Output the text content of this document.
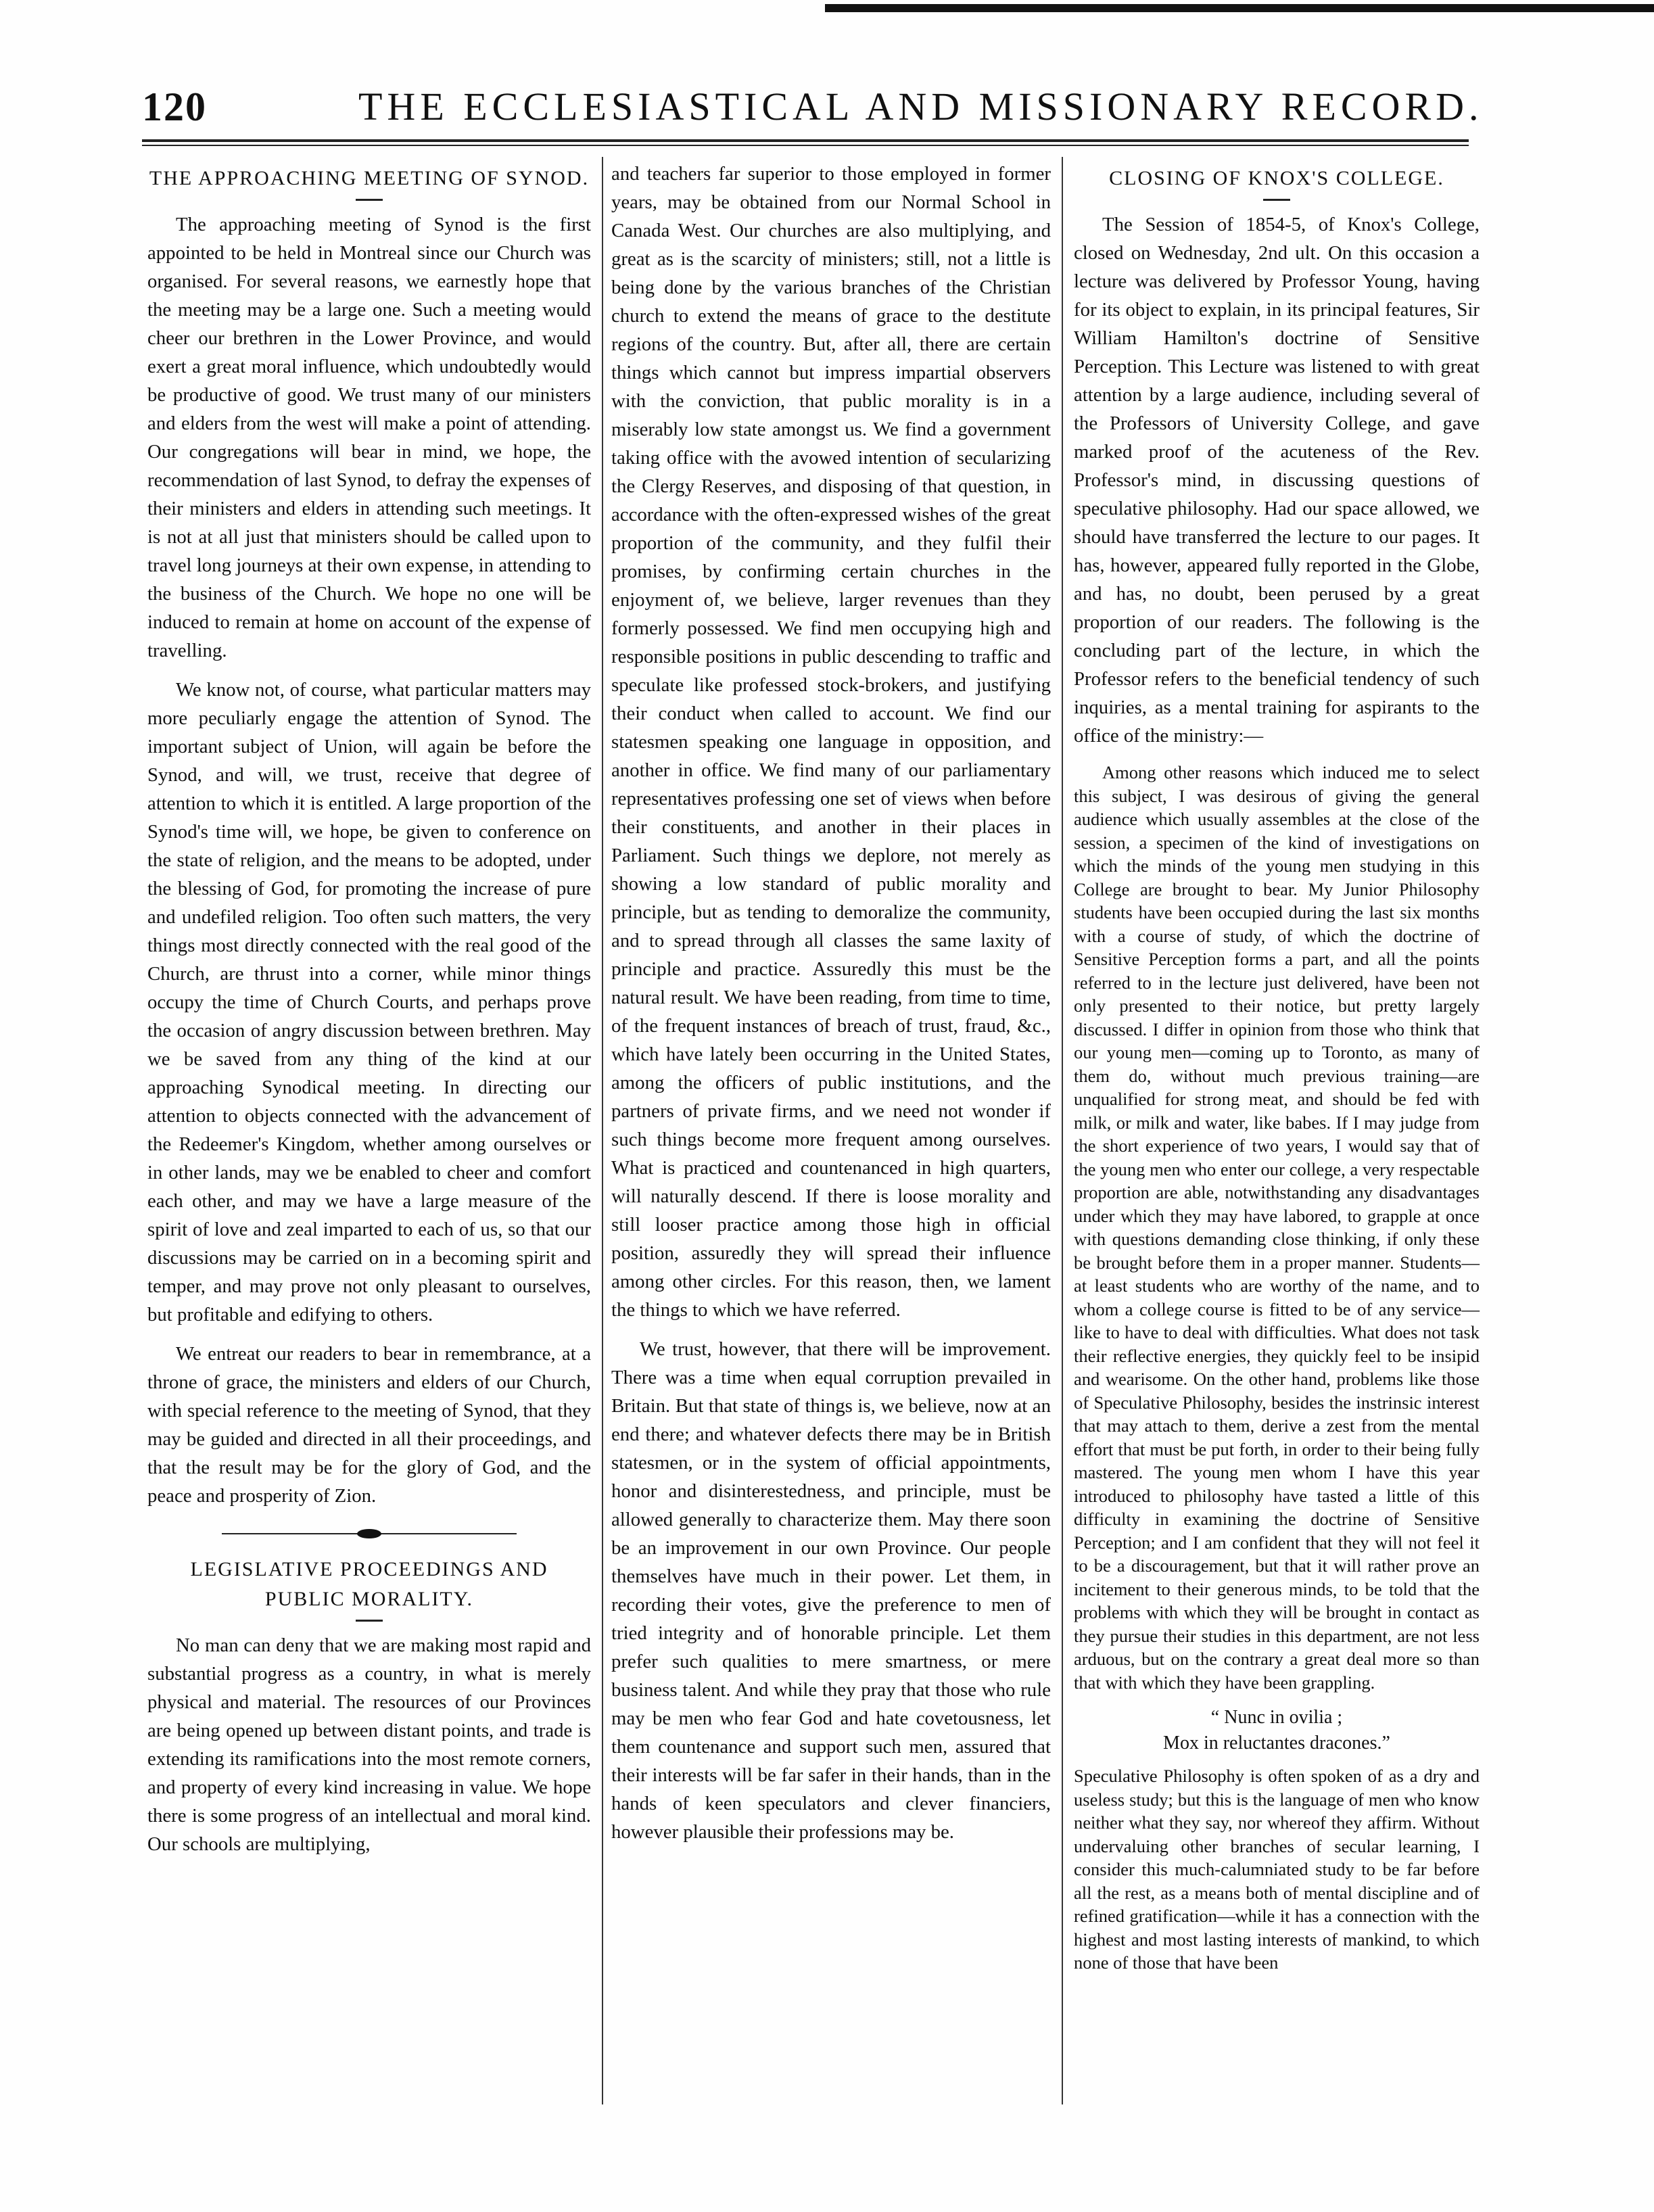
120	THE ECCLESIASTICAL AND MISSIONARY RECORD.
THE APPROACHING MEETING OF SYNOD.

The approaching meeting of Synod is the first appointed to be held in Montreal since our Church was organised. For several reasons, we earnestly hope that the meeting may be a large one. Such a meeting would cheer our brethren in the Lower Province, and would exert a great moral influence, which undoubtedly would be productive of good. We trust many of our ministers and elders from the west will make a point of attending. Our congregations will bear in mind, we hope, the recommendation of last Synod, to defray the expenses of their ministers and elders in attending such meetings. It is not at all just that ministers should be called upon to travel long journeys at their own expense, in attending to the business of the Church. We hope no one will be induced to remain at home on account of the expense of travelling.

We know not, of course, what particular matters may more peculiarly engage the attention of Synod. The important subject of Union, will again be before the Synod, and will, we trust, receive that degree of attention to which it is entitled. A large proportion of the Synod's time will, we hope, be given to conference on the state of religion, and the means to be adopted, under the blessing of God, for promoting the increase of pure and undefiled religion. Too often such matters, the very things most directly connected with the real good of the Church, are thrust into a corner, while minor things occupy the time of Church Courts, and perhaps prove the occasion of angry discussion between brethren. May we be saved from any thing of the kind at our approaching Synodical meeting. In directing our attention to objects connected with the advancement of the Redeemer's Kingdom, whether among ourselves or in other lands, may we be enabled to cheer and comfort each other, and may we have a large measure of the spirit of love and zeal imparted to each of us, so that our discussions may be carried on in a becoming spirit and temper, and may prove not only pleasant to ourselves, but profitable and edifying to others.

We entreat our readers to bear in remembrance, at a throne of grace, the ministers and elders of our Church, with special reference to the meeting of Synod, that they may be guided and directed in all their proceedings, and that the result may be for the glory of God, and the peace and prosperity of Zion.

LEGISLATIVE PROCEEDINGS AND PUBLIC MORALITY.

No man can deny that we are making most rapid and substantial progress as a country, in what is merely physical and material. The resources of our Provinces are being opened up between distant points, and trade is extending its ramifications into the most remote corners, and property of every kind increasing in value. We hope there is some progress of an intellectual and moral kind. Our schools are multiplying,

and teachers far superior to those employed in former years, may be obtained from our Normal School in Canada West. Our churches are also multiplying, and great as is the scarcity of ministers; still, not a little is being done by the various branches of the Christian church to extend the means of grace to the destitute regions of the country. But, after all, there are certain things which cannot but impress impartial observers with the conviction, that public morality is in a miserably low state amongst us. We find a government taking office with the avowed intention of secularizing the Clergy Reserves, and disposing of that question, in accordance with the often-expressed wishes of the great proportion of the community, and they fulfil their promises, by confirming certain churches in the enjoyment of, we believe, larger revenues than they formerly possessed. We find men occupying high and responsible positions in public descending to traffic and speculate like professed stock-brokers, and justifying their conduct when called to account. We find our statesmen speaking one language in opposition, and another in office. We find many of our parliamentary representatives professing one set of views when before their constituents, and another in their places in Parliament. Such things we deplore, not merely as showing a low standard of public morality and principle, but as tending to demoralize the community, and to spread through all classes the same laxity of principle and practice. Assuredly this must be the natural result. We have been reading, from time to time, of the frequent instances of breach of trust, fraud, &c., which have lately been occurring in the United States, among the officers of public institutions, and the partners of private firms, and we need not wonder if such things become more frequent among ourselves. What is practiced and countenanced in high quarters, will naturally descend. If there is loose morality and still looser practice among those high in official position, assuredly they will spread their influence among other circles. For this reason, then, we lament the things to which we have referred.

We trust, however, that there will be improvement. There was a time when equal corruption prevailed in Britain. But that state of things is, we believe, now at an end there; and whatever defects there may be in British statesmen, or in the system of official appointments, honor and disinterestedness, and principle, must be allowed generally to characterize them. May there soon be an improvement in our own Province. Our people themselves have much in their power. Let them, in recording their votes, give the preference to men of tried integrity and of honorable principle. Let them prefer such qualities to mere smartness, or mere business talent. And while they pray that those who rule may be men who fear God and hate covetousness, let them countenance and support such men, assured that their interests will be far safer in their hands, than in the hands of keen speculators and clever financiers, however plausible their professions may be.

CLOSING OF KNOX'S COLLEGE.

The Session of 1854-5, of Knox's College, closed on Wednesday, 2nd ult. On this occasion a lecture was delivered by Professor Young, having for its object to explain, in its principal features, Sir William Hamilton's doctrine of Sensitive Perception. This Lecture was listened to with great attention by a large audience, including several of the Professors of University College, and gave marked proof of the acuteness of the Rev. Professor's mind, in discussing questions of speculative philosophy. Had our space allowed, we should have transferred the lecture to our pages. It has, however, appeared fully reported in the Globe, and has, no doubt, been perused by a great proportion of our readers. The following is the concluding part of the lecture, in which the Professor refers to the beneficial tendency of such inquiries, as a mental training for aspirants to the office of the ministry:—

Among other reasons which induced me to select this subject, I was desirous of giving the general audience which usually assembles at the close of the session, a specimen of the kind of investigations on which the minds of the young men studying in this College are brought to bear. My Junior Philosophy students have been occupied during the last six months with a course of study, of which the doctrine of Sensitive Perception forms a part, and all the points referred to in the lecture just delivered, have been not only presented to their notice, but pretty largely discussed. I differ in opinion from those who think that our young men—coming up to Toronto, as many of them do, without much previous training—are unqualified for strong meat, and should be fed with milk, or milk and water, like babes. If I may judge from the short experience of two years, I would say that of the young men who enter our college, a very respectable proportion are able, notwithstanding any disadvantages under which they may have labored, to grapple at once with questions demanding close thinking, if only these be brought before them in a proper manner. Students—at least students who are worthy of the name, and to whom a college course is fitted to be of any service—like to have to deal with difficulties. What does not task their reflective energies, they quickly feel to be insipid and wearisome. On the other hand, problems like those of Speculative Philosophy, besides the instrinsic interest that may attach to them, derive a zest from the mental effort that must be put forth, in order to their being fully mastered. The young men whom I have this year introduced to philosophy have tasted a little of this difficulty in examining the doctrine of Sensitive Perception; and I am confident that they will not feel it to be a discouragement, but that it will rather prove an incitement to their generous minds, to be told that the problems with which they will be brought in contact as they pursue their studies in this department, are not less arduous, but on the contrary a great deal more so than that with which they have been grappling.

“ Nunc in ovilia ;
Mox in reluctantes dracones.”

Speculative Philosophy is often spoken of as a dry and useless study; but this is the language of men who know neither what they say, nor whereof they affirm. Without undervaluing other branches of secular learning, I consider this much-calumniated study to be far before all the rest, as a means both of mental discipline and of refined gratification—while it has a connection with the highest and most lasting interests of mankind, to which none of those that have been
